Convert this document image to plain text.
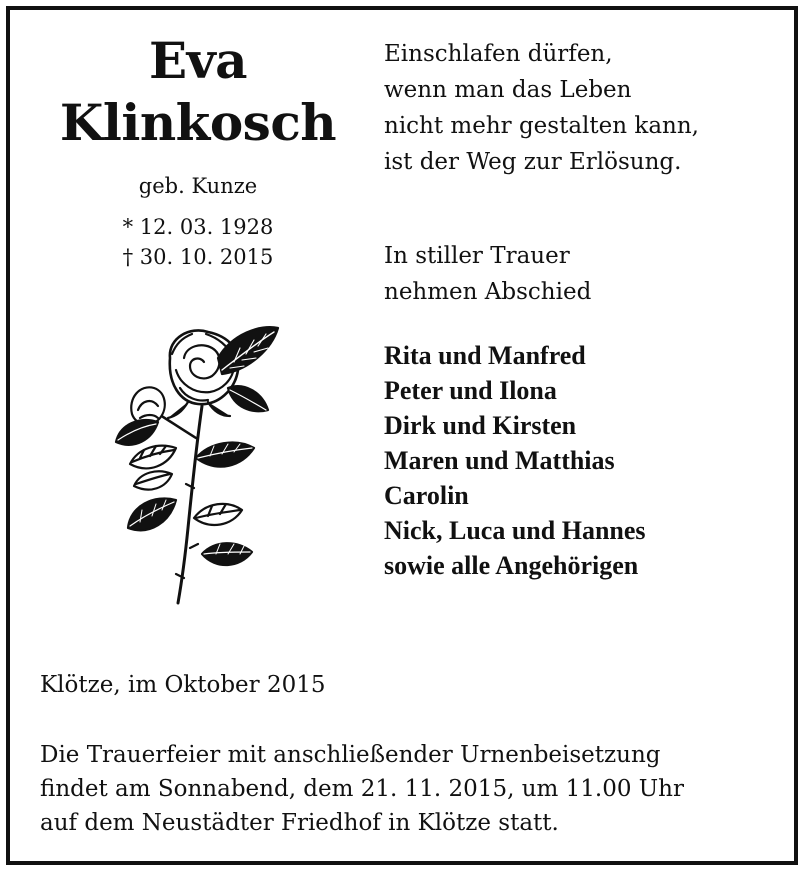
Eva
Klinkosch
geb. Kunze
* 12. 03. 1928
† 30. 10. 2015
Einschlafen dürfen,
wenn man das Leben
nicht mehr gestalten kann,
ist der Weg zur Erlösung.
In stiller Trauer
nehmen Abschied
Rita und Manfred
Peter und Ilona
Dirk und Kirsten
Maren und Matthias
Carolin
Nick, Luca und Hannes
sowie alle Angehörigen
Klötze, im Oktober 2015
Die Trauerfeier mit anschließender Urnenbeisetzung
findet am Sonnabend, dem 21. 11. 2015, um 11.00 Uhr
auf dem Neustädter Friedhof in Klötze statt.
